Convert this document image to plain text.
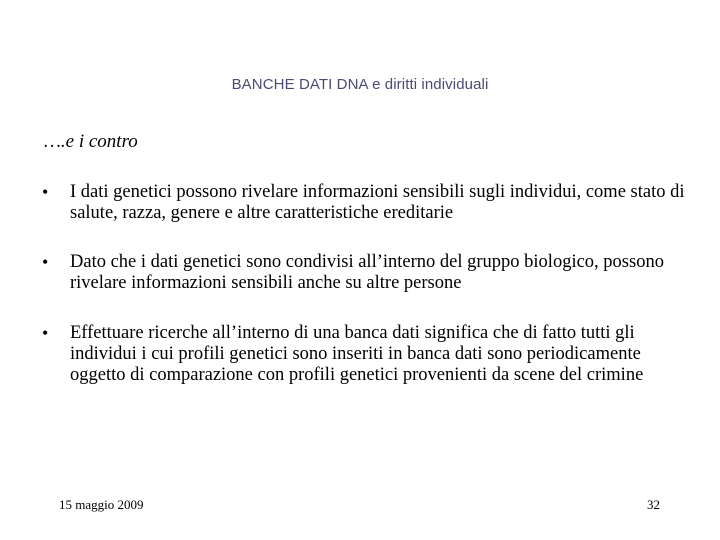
BANCHE DATI DNA e diritti individuali
….e i contro
• I dati genetici possono rivelare informazioni sensibili sugli individui, come stato di salute, razza, genere e altre caratteristiche ereditarie
• Dato che i dati genetici sono condivisi all’interno del gruppo biologico, possono rivelare informazioni sensibili anche su altre persone
• Effettuare ricerche all’interno di una banca dati significa che di fatto tutti gli individui i cui profili genetici sono inseriti in banca dati sono periodicamente oggetto di comparazione con profili genetici provenienti da scene del crimine
15 maggio 2009	32
